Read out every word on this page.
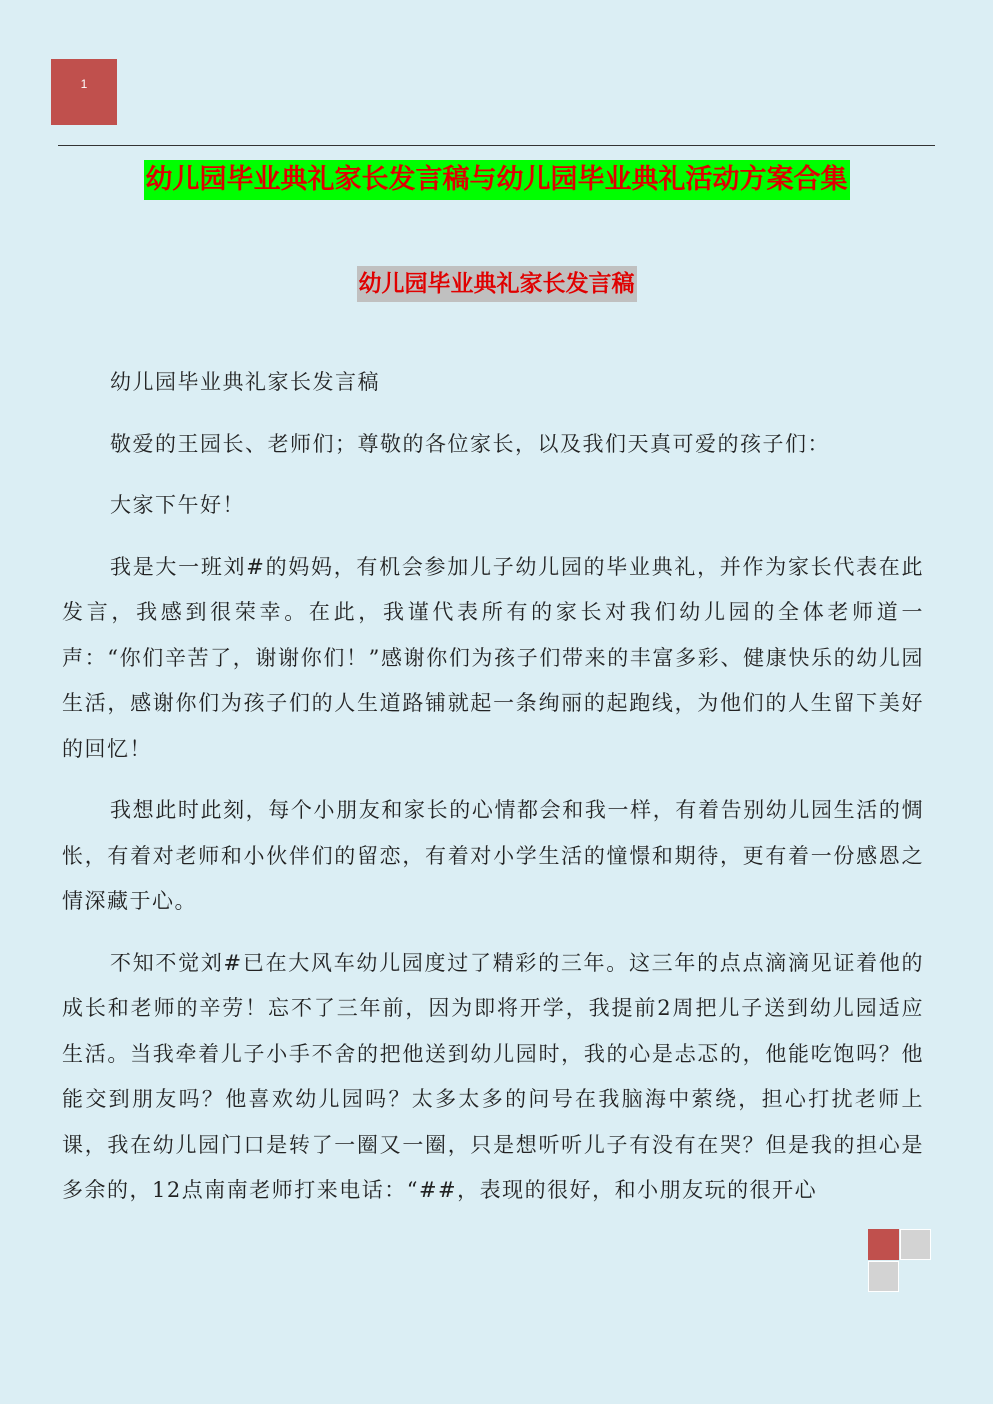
1
幼儿园毕业典礼家长发言稿与幼儿园毕业典礼活动方案合集
幼儿园毕业典礼家长发言稿

幼儿园毕业典礼家长发言稿

敬爱的王园长、老师们；尊敬的各位家长，以及我们天真可爱的孩子们：

大家下午好！

我是大一班刘#的妈妈，有机会参加儿子幼儿园的毕业典礼，并作为家长代表在此发言，我感到很荣幸。在此，我谨代表所有的家长对我们幼儿园的全体老师道一声：“你们辛苦了，谢谢你们！”感谢你们为孩子们带来的丰富多彩、健康快乐的幼儿园生活，感谢你们为孩子们的人生道路铺就起一条绚丽的起跑线，为他们的人生留下美好的回忆！

我想此时此刻，每个小朋友和家长的心情都会和我一样，有着告别幼儿园生活的惆怅，有着对老师和小伙伴们的留恋，有着对小学生活的憧憬和期待，更有着一份感恩之情深藏于心。

不知不觉刘#已在大风车幼儿园度过了精彩的三年。这三年的点点滴滴见证着他的成长和老师的辛劳！忘不了三年前，因为即将开学，我提前2周把儿子送到幼儿园适应生活。当我牵着儿子小手不舍的把他送到幼儿园时，我的心是忐忑的，他能吃饱吗？他能交到朋友吗？他喜欢幼儿园吗？太多太多的问号在我脑海中萦绕，担心打扰老师上课，我在幼儿园门口是转了一圈又一圈，只是想听听儿子有没有在哭？但是我的担心是多余的，12点南南老师打来电话：“##，表现的很好，和小朋友玩的很开心
